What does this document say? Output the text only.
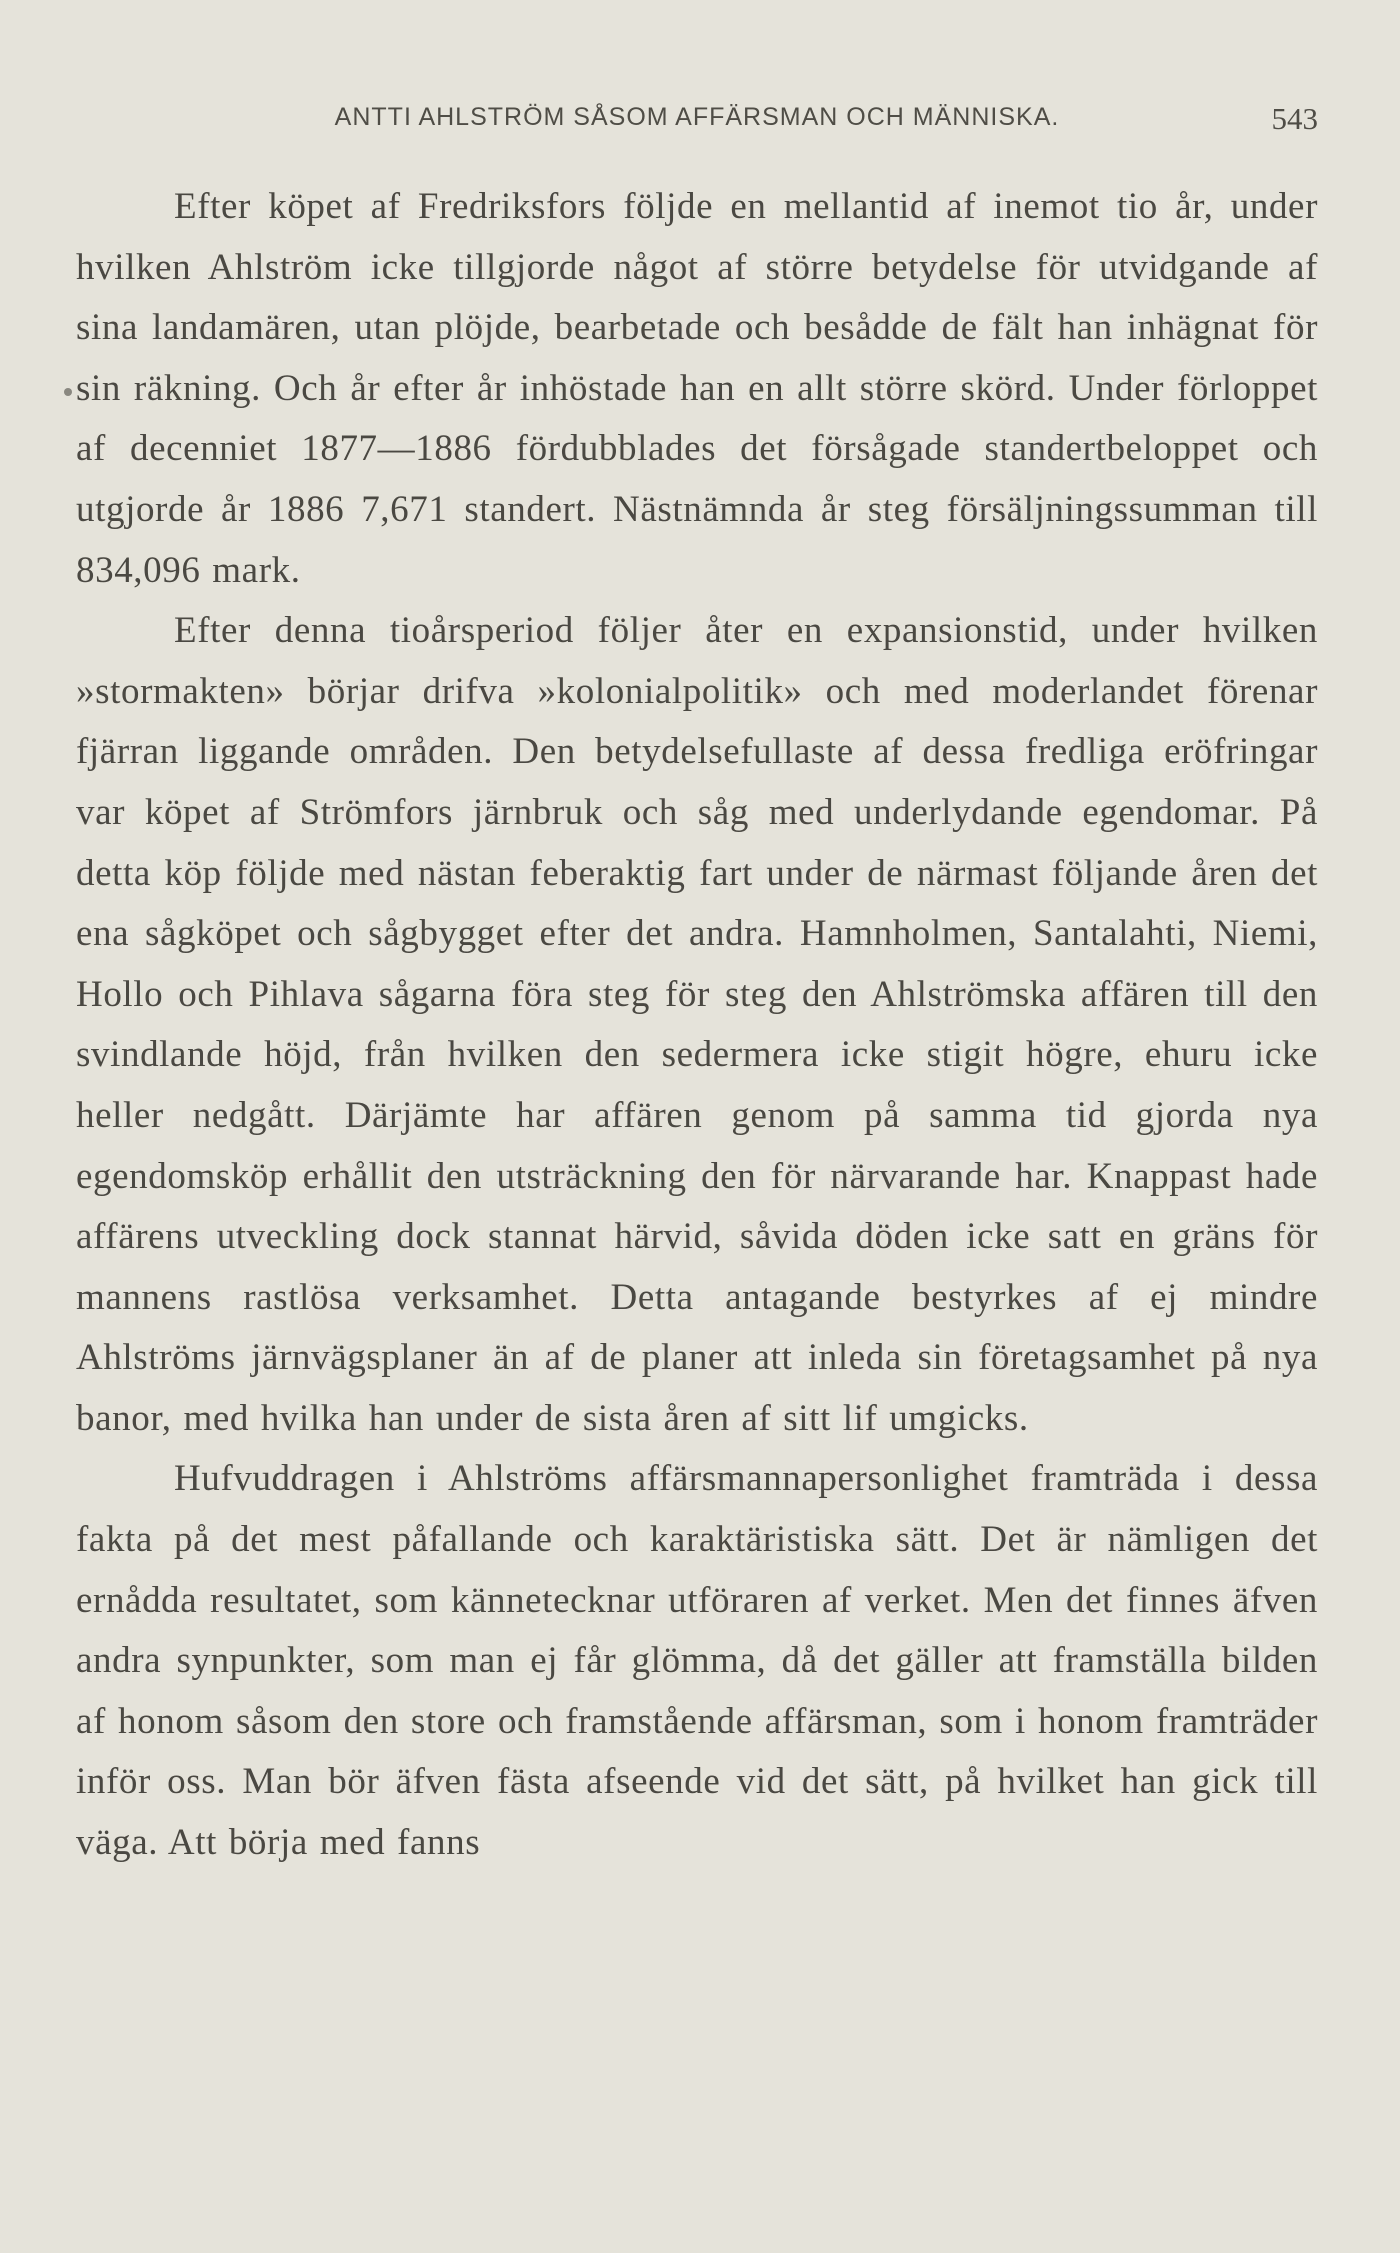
ANTTI AHLSTRÖM SÅSOM AFFÄRSMAN OCH MÄNNISKA.	543

Efter köpet af Fredriksfors följde en mellantid af inemot tio år, under hvilken Ahlström icke tillgjorde något af större betydelse för utvidgande af sina landamären, utan plöjde, bearbetade och besådde de fält han inhägnat för sin räkning. Och år efter år inhöstade han en allt större skörd. Under förloppet af decenniet 1877—1886 fördubblades det försågade standertbeloppet och utgjorde år 1886 7,671 standert. Nästnämnda år steg försäljningssumman till 834,096 mark.

Efter denna tioårsperiod följer åter en expansionstid, under hvilken »stormakten» börjar drifva »kolonialpolitik» och med moderlandet förenar fjärran liggande områden. Den betydelsefullaste af dessa fredliga eröfringar var köpet af Strömfors järnbruk och såg med underlydande egendomar. På detta köp följde med nästan feberaktig fart under de närmast följande åren det ena sågköpet och sågbygget efter det andra. Hamnholmen, Santalahti, Niemi, Hollo och Pihlava sågarna föra steg för steg den Ahlströmska affären till den svindlande höjd, från hvilken den sedermera icke stigit högre, ehuru icke heller nedgått. Därjämte har affären genom på samma tid gjorda nya egendomsköp erhållit den utsträckning den för närvarande har. Knappast hade affärens utveckling dock stannat härvid, såvida döden icke satt en gräns för mannens rastlösa verksamhet. Detta antagande bestyrkes af ej mindre Ahlströms järnvägsplaner än af de planer att inleda sin företagsamhet på nya banor, med hvilka han under de sista åren af sitt lif umgicks.

Hufvuddragen i Ahlströms affärsmannapersonlighet framträda i dessa fakta på det mest påfallande och karaktäristiska sätt. Det är nämligen det ernådda resultatet, som kännetecknar utföraren af verket. Men det finnes äfven andra synpunkter, som man ej får glömma, då det gäller att framställa bilden af honom såsom den store och framstående affärsman, som i honom framträder inför oss. Man bör äfven fästa afseende vid det sätt, på hvilket han gick till väga. Att börja med fanns
